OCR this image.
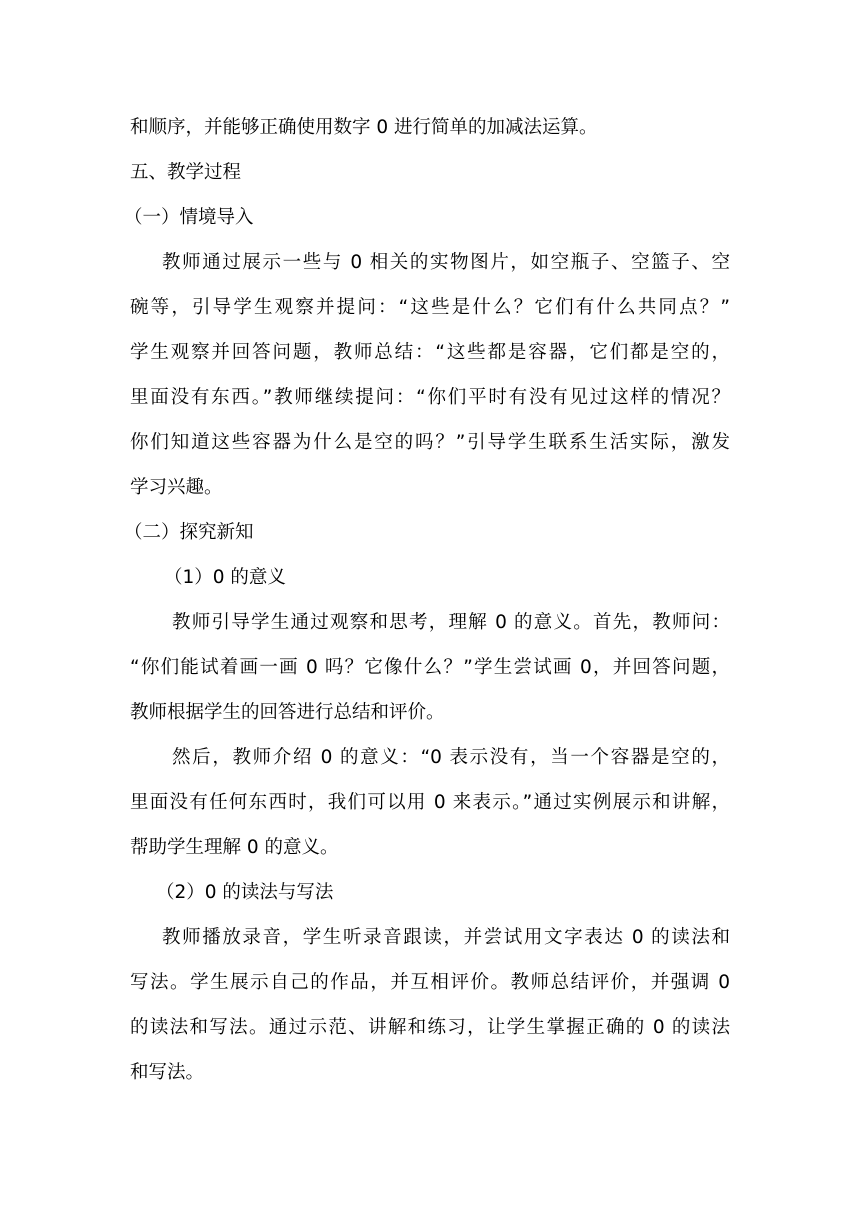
和顺序，并能够正确使用数字 0 进行简单的加减法运算。
五、教学过程
（一）情境导入
教师通过展示一些与 0 相关的实物图片，如空瓶子、空篮子、空
碗等，引导学生观察并提问：“这些是什么？它们有什么共同点？”
学生观察并回答问题，教师总结：“这些都是容器，它们都是空的，
里面没有东西。”教师继续提问：“你们平时有没有见过这样的情况？
你们知道这些容器为什么是空的吗？”引导学生联系生活实际，激发
学习兴趣。
（二）探究新知
（1）0 的意义
教师引导学生通过观察和思考，理解 0 的意义。首先，教师问：
“你们能试着画一画 0 吗？它像什么？”学生尝试画 0，并回答问题，
教师根据学生的回答进行总结和评价。
然后，教师介绍 0 的意义：“0 表示没有，当一个容器是空的，
里面没有任何东西时，我们可以用 0 来表示。”通过实例展示和讲解，
帮助学生理解 0 的意义。
（2）0 的读法与写法
教师播放录音，学生听录音跟读，并尝试用文字表达 0 的读法和
写法。学生展示自己的作品，并互相评价。教师总结评价，并强调 0
的读法和写法。通过示范、讲解和练习，让学生掌握正确的 0 的读法
和写法。
